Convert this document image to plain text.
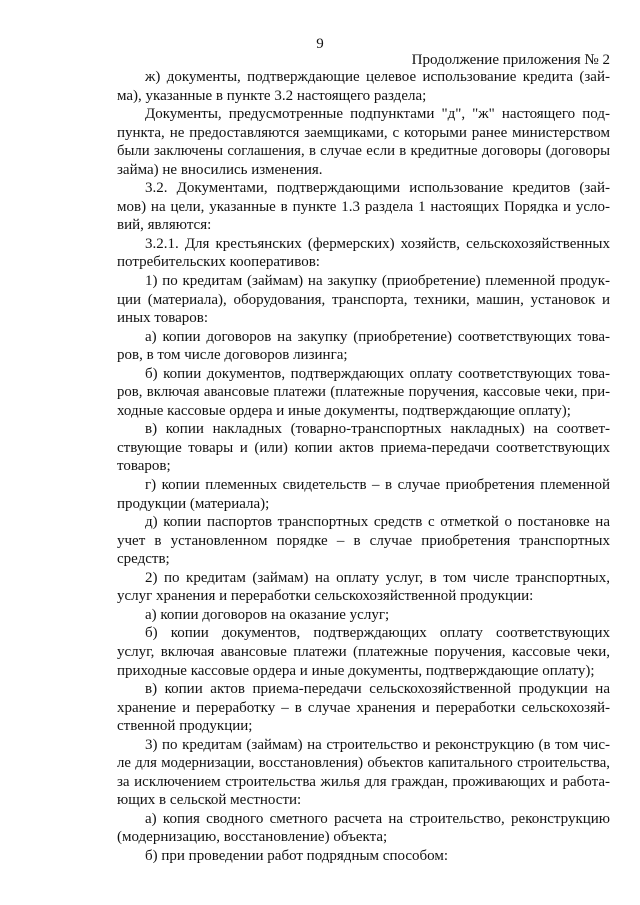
9
Продолжение приложения № 2
ж) документы, подтверждающие целевое использование кредита (зай-
ма), указанные в пункте 3.2 настоящего раздела;
Документы, предусмотренные подпунктами "д", "ж" настоящего под-
пункта, не предоставляются заемщиками, с которыми ранее министерством
были заключены соглашения, в случае если в кредитные договоры (договоры
займа) не вносились изменения.
3.2. Документами, подтверждающими использование кредитов (зай-
мов) на цели, указанные в пункте 1.3 раздела 1 настоящих Порядка и усло-
вий, являются:
3.2.1. Для крестьянских (фермерских) хозяйств, сельскохозяйственных
потребительских кооперативов:
1) по кредитам (займам) на закупку (приобретение) племенной продук-
ции (материала), оборудования, транспорта, техники, машин, установок и
иных товаров:
а) копии договоров на закупку (приобретение) соответствующих това-
ров, в том числе договоров лизинга;
б) копии документов, подтверждающих оплату соответствующих това-
ров, включая авансовые платежи (платежные поручения, кассовые чеки, при-
ходные кассовые ордера и иные документы, подтверждающие оплату);
в) копии накладных (товарно-транспортных накладных) на соответ-
ствующие товары и (или) копии актов приема-передачи соответствующих
товаров;
г) копии племенных свидетельств – в случае приобретения племенной
продукции (материала);
д) копии паспортов транспортных средств с отметкой о постановке на
учет в установленном порядке – в случае приобретения транспортных
средств;
2) по кредитам (займам) на оплату услуг, в том числе транспортных,
услуг хранения и переработки сельскохозяйственной продукции:
а) копии договоров на оказание услуг;
б) копии документов, подтверждающих оплату соответствующих
услуг, включая авансовые платежи (платежные поручения, кассовые чеки,
приходные кассовые ордера и иные документы, подтверждающие оплату);
в) копии актов приема-передачи сельскохозяйственной продукции на
хранение и переработку – в случае хранения и переработки сельскохозяй-
ственной продукции;
3) по кредитам (займам) на строительство и реконструкцию (в том чис-
ле для модернизации, восстановления) объектов капитального строительства,
за исключением строительства жилья для граждан, проживающих и работа-
ющих в сельской местности:
а) копия сводного сметного расчета на строительство, реконструкцию
(модернизацию, восстановление) объекта;
б) при проведении работ подрядным способом:
